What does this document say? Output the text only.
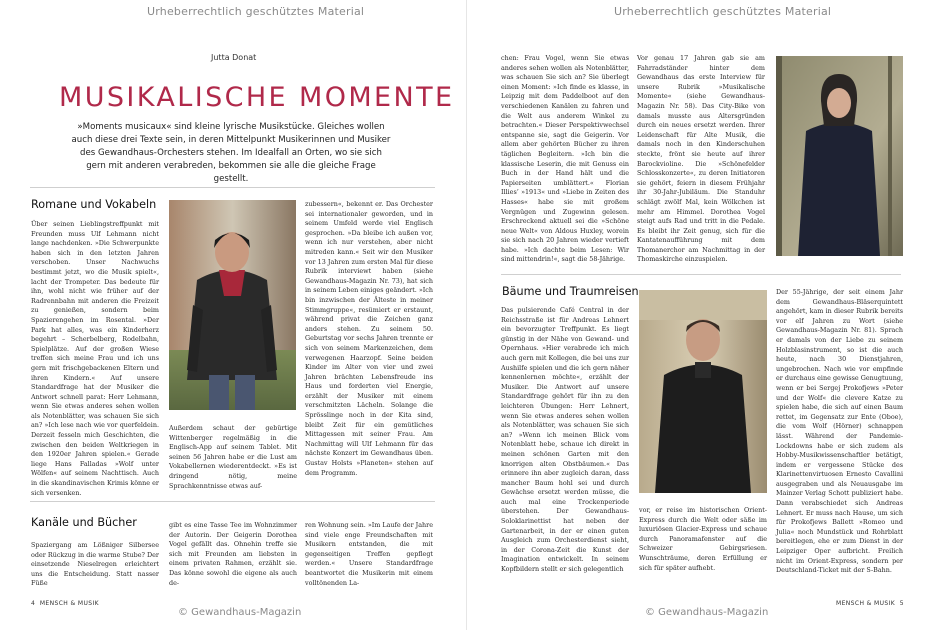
Urheberrechtlich geschütztes Material
Jutta Donat
MUSIKALISCHE MOMENTE
»Moments musicaux« sind kleine lyrische Musikstücke. Gleiches wollen auch diese drei Texte sein, in deren Mittelpunkt Musikerinnen und Musiker des Gewandhaus-Orchesters stehen. Im Idealfall an Orten, wo sie sich gern mit anderen verabreden, bekommen sie alle die gleiche Frage gestellt.
Romane und Vokabeln

Über seinen Lieblingstreffpunkt mit Freunden muss Ulf Lehmann nicht lange nachdenken. »Die Schwerpunkte haben sich in den letzten Jahren verschoben. Unser Nachwuchs bestimmt jetzt, wo die Musik spielt«, lacht der Trompeter. Das bedeute für ihn, wohl nicht wie früher auf der Radrennbahn mit anderen die Freizeit zu genießen, sondern beim Spazierengehen im Rosental. »Der Park hat alles, was ein Kinderherz begehrt – Scherbelberg, Rodelbahn, Spielplätze. Auf der großen Wiese treffen sich meine Frau und ich uns gern mit frischgebackenen Eltern und ihren Kindern.« Auf unsere Standardfrage hat der Musiker die Antwort schnell parat: Herr Lehmann, wenn Sie etwas anderes sehen wollen als Notenblätter, was schauen Sie sich an? »Ich lese nach wie vor querfeldein. Derzeit fesseln mich Geschichten, die zwischen den beiden Weltkriegen in den 1920er Jahren spielen.« Gerade liege Hans Falladas »Wolf unter Wölfen« auf seinem Nachttisch. Auch in die skandinavischen Krimis könne er sich versenken.

Außerdem schaut der gebürtige Wittenberger regelmäßig in die Englisch-App auf seinem Tablet. Mit seinen 56 Jahren habe er die Lust am Vokabellernen wiederentdeckt. »Es ist dringend nötig, meine Sprachkenntnisse etwas auf-

zubessern«, bekennt er. Das Orchester sei internationaler geworden, und in seinem Umfeld werde viel Englisch gesprochen. »Da bleibe ich außen vor, wenn ich nur verstehen, aber nicht mitreden kann.« Seit wir den Musiker vor 13 Jahren zum ersten Mal für diese Rubrik interviewt haben (siehe Gewandhaus-Magazin Nr. 73), hat sich in seinem Leben einiges geändert. »Ich bin inzwischen der Älteste in meiner Stimmgruppe«, resümiert er erstaunt, während privat die Zeichen ganz anders stehen. Zu seinem 50. Geburtstag vor sechs Jahren trennte er sich von seinem Markenzeichen, dem verwegenen Haarzopf. Seine beiden Kinder im Alter von vier und zwei Jahren brächten Lebensfreude ins Haus und forderten viel Energie, erzählt der Musiker mit einem verschmitzten Lächeln. Solange die Sprösslinge noch in der Kita sind, bleibt Zeit für ein gemütliches Mittagessen mit seiner Frau. Am Nachmittag will Ulf Lehmann für das nächste Konzert im Gewandhaus üben. Gustav Holsts »Planeten« stehen auf dem Programm.

Kanäle und Bücher

Spaziergang am Lößniger Silbersee oder Rückzug in die warme Stube? Der einsetzende Nieselregen erleichtert uns die Entscheidung. Statt nasser Füße

gibt es eine Tasse Tee im Wohnzimmer der Autorin. Der Geigerin Dorothea Vogel gefällt das. Ohnehin treffe sie sich mit Freunden am liebsten in einem privaten Rahmen, erzählt sie. Das könne sowohl die eigene als auch de-

ren Wohnung sein. »Im Laufe der Jahre sind viele enge Freundschaften mit Musikern entstanden, die mit gegenseitigen Treffen gepflegt werden.« Unsere Standardfrage beantwortet die Musikerin mit einem volltönenden La-

4 MENSCH & MUSIK
© Gewandhaus-Magazin
Urheberrechtlich geschütztes Material

chen: Frau Vogel, wenn Sie etwas anderes sehen wollen als Notenblätter, was schauen Sie sich an? Sie überlegt einen Moment: »Ich finde es klasse, in Leipzig mit dem Paddelboot auf den verschiedenen Kanälen zu fahren und die Welt aus anderem Winkel zu betrachten.« Dieser Perspektivwechsel entspanne sie, sagt die Geigerin. Vor allem aber gehörten Bücher zu ihren täglichen Begleitern. »Ich bin die klassische Leserin, die mit Genuss ein Buch in der Hand hält und die Papierseiten umblättert.« Florian Illies’ »1913« und »Liebe in Zeiten des Hasses« habe sie mit großem Vergnügen und Zugewinn gelesen. Erschreckend aktuell sei die »Schöne neue Welt« von Aldous Huxley, worein sie sich nach 20 Jahren wieder vertieft habe. »Ich dachte beim Lesen: Wir sind mittendrin!«, sagt die 58-Jährige.

Vor genau 17 Jahren gab sie am Fahrradständer hinter dem Gewandhaus das erste Interview für unsere Rubrik »Musikalische Momente« (siehe Gewandhaus-Magazin Nr. 58). Das City-Bike von damals musste aus Altersgründen durch ein neues ersetzt werden. Ihrer Leidenschaft für Alte Musik, die damals noch in den Kinderschuhen steckte, frönt sie heute auf ihrer Barockviolinе. Die »Schönefelder Schlosskonzerte«, zu deren Initiatoren sie gehört, feiern in diesem Frühjahr ihr 30-Jahr-Jubiläum. Die Standuhr schlägt zwölf Mal, kein Wölkchen ist mehr am Himmel. Dorothea Vogel steigt aufs Rad und tritt in die Pedale. Es bleibt ihr Zeit genug, sich für die Kantatenaufführung mit dem Thomanerchor am Nachmittag in der Thomaskirche einzuspielen.

Bäume und Traumreisen

Das pulsierende Café Central in der Reichsstraße ist für Andreas Lehnert ein bevorzugter Treffpunkt. Es liegt günstig in der Nähe von Gewand- und Opernhaus. »Hier verabrede ich mich auch gern mit Kollegen, die bei uns zur Aushilfe spielen und die ich gern näher kennenlernen möchte«, erzählt der Musiker. Die Antwort auf unsere Standardfrage gehört für ihn zu den leichteren Übungen: Herr Lehnert, wenn Sie etwas anderes sehen wollen als Notenblätter, was schauen Sie sich an? »Wenn ich meinen Blick vom Notenblatt hebe, schaue ich direkt in meinen schönen Garten mit den knorrigen alten Obstbäumen.« Das erinnere ihn aber zugleich daran, dass mancher Baum hohl sei und durch Gewächse ersetzt werden müsse, die auch mal eine Trockenperiode überstehen. Der Gewandhaus-Soloklarinettist hat neben der Gartenarbeit, in der er einen guten Ausgleich zum Orchesterdienst sieht, in der Corona-Zeit die Kunst der Imagination entwickelt. In seinem Kopfbildern stellt er sich gelegentlich

vor, er reise im historischen Orient-Express durch die Welt oder säße im luxuriösen Glacier-Express und schaue durch Panoramafenster auf die Schweizer Gebirgsriesen. Wunschträume, deren Erfüllung er sich für später aufhebt.

Der 55-Jährige, der seit einem Jahr dem Gewandhaus-Bläserquintett angehört, kam in dieser Rubrik bereits vor elf Jahren zu Wort (siehe Gewandhaus-Magazin Nr. 81). Sprach er damals von der Liebe zu seinem Holzblasinstrument, so ist die auch heute, nach 30 Dienstjahren, ungebrochen. Nach wie vor empfinde er durchaus eine gewisse Genugtuung, wenn er bei Sergej Prokofjews »Peter und der Wolf« die clevere Katze zu spielen habe, die sich auf einen Baum rettet, im Gegensatz zur Ente (Oboe), die vom Wolf (Hörner) schnappen lässt. Während der Pandemie-Lockdowns habe er sich zudem als Hobby-Musikwissenschaftler betätigt, indem er vergessene Stücke des Klarinettenvirtuosen Ernesto Cavallini ausgegraben und als Neuausgabe im Mainzer Verlag Schott publiziert habe. Dann verabschiedet sich Andreas Lehnert. Er muss nach Hause, um sich für Prokofjews Ballett »Romeo und Julia« noch Mundstück und Rohrblatt bereitlegen, ehe er zum Dienst in der Leipziger Oper aufbricht. Freilich nicht im Orient-Express, sondern per Deutschland-Ticket mit der S-Bahn.

MENSCH & MUSIK 5
© Gewandhaus-Magazin
